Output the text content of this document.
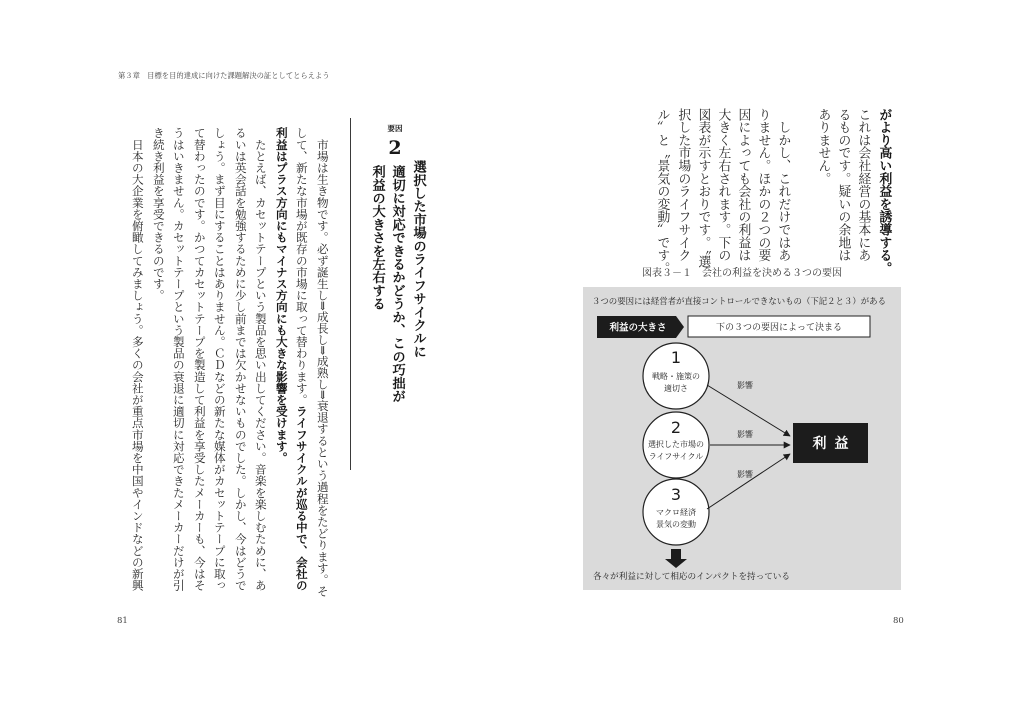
第３章　目標を目的達成に向けた課題解決の証としてとらえよう
要因
2
選択した市場のライフサイクルに
適切に対応できるかどうか、この巧拙が
利益の大きさを左右する
　市場は生き物です。必ず誕生し⇒成長し⇒成熟し⇒衰退するという過程をたどります。そ
して、新たな市場が既存の市場に取って替わります。ライフサイクルが巡る中で、会社の
利益はプラス方向にもマイナス方向にも大きな影響を受けます。
　たとえば、カセットテープという製品を思い出してください。音楽を楽しむために、あ
るいは英会話を勉強するために少し前までは欠かせないものでした。しかし、今はどうで
しょう。まず目にすることはありません。ＣＤなどの新たな媒体がカセットテープに取っ
て替わったのです。かつてカセットテープを製造して利益を享受したメーカーも、今はそ
うはいきません。カセットテープという製品の衰退に適切に対応できたメーカーだけが引
き続き利益を享受できるのです。
　日本の大企業を俯瞰してみましょう。多くの会社が重点市場を中国やインドなどの新興
81
がより高い利益を誘導する。
これは会社経営の基本にあ
るものです。疑いの余地は
ありません。
　しかし、これだけではあ
りません。ほかの２つの要
因によっても会社の利益は
大きく左右されます。下の
図表が示すとおりです。〝選
択した市場のライフサイク
ル〟と〝景気の変動〟です。
図表３－１　会社の利益を決める３つの要因
３つの要因には経営者が直接コントロールできないもの（下記２と３）がある
利益の大きさ	下の３つの要因によって決まる
1
戦略・施策の
適切さ
2
選択した市場の
ライフサイクル
3
マクロ経済
景気の変動
影響
影響
影響
利益
各々が利益に対して相応のインパクトを持っている
80
